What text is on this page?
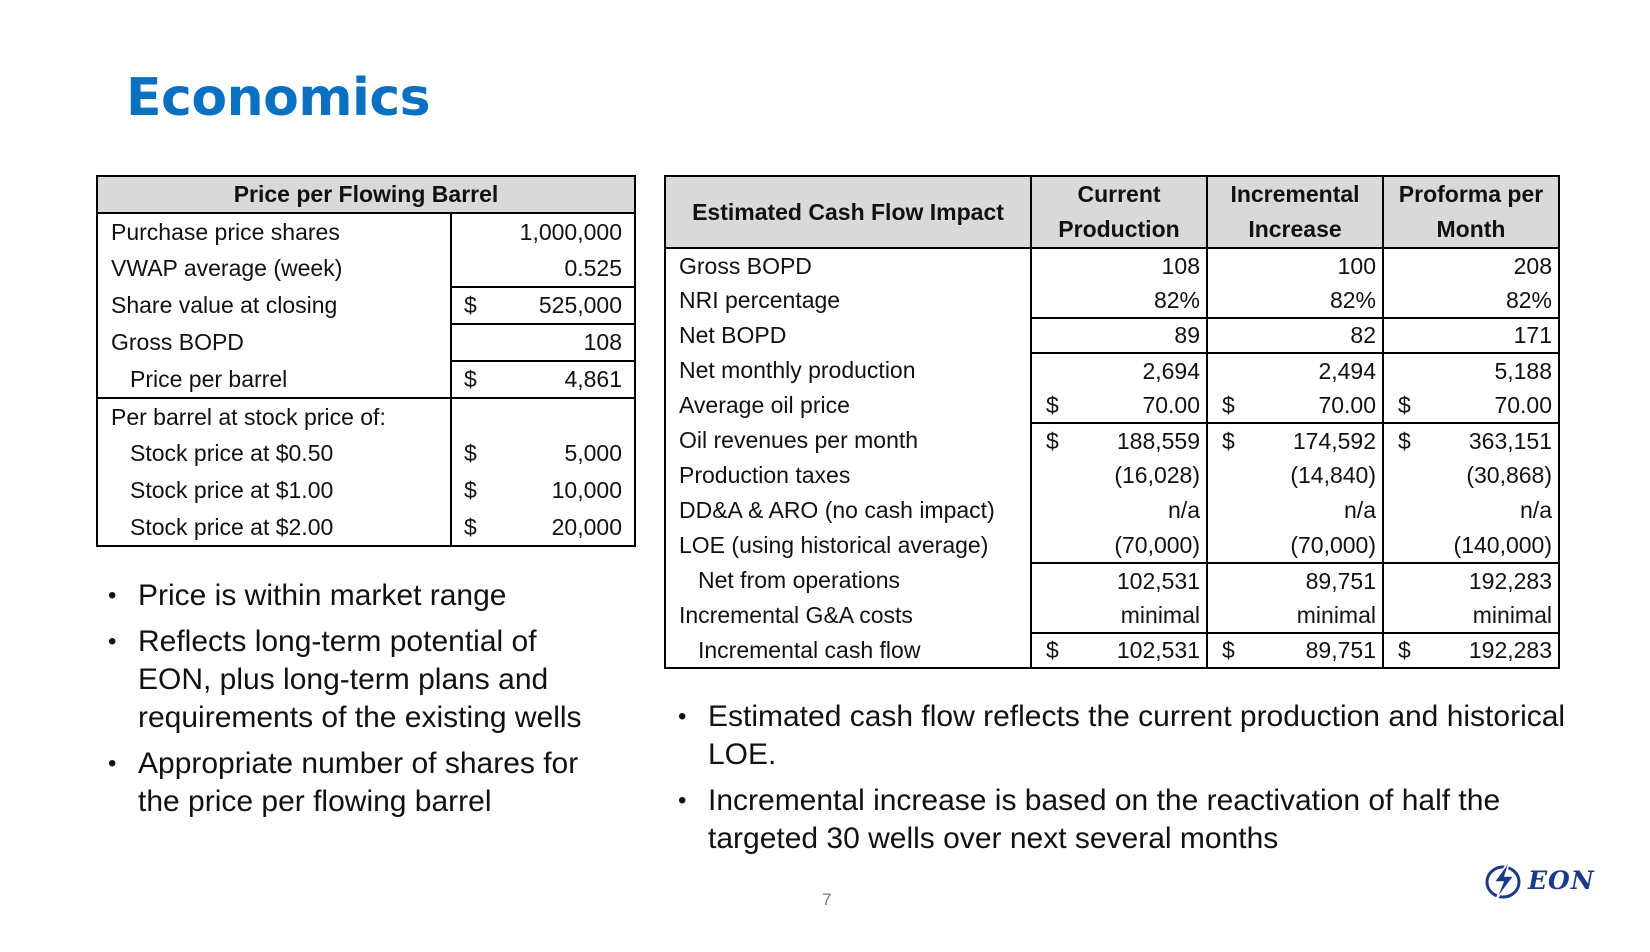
Economics
Price per Flowing Barrel	
Purchase price shares	1,000,000

VWAP average (week)	0.525

Share value at closing	$ 525,000

Gross BOPD	108

Price per barrel	$ 4,861

Per barrel at stock price of:	

Stock price at $0.50	$ 5,000

Stock price at $1.00	$ 10,000

Stock price at $2.00	$ 20,000
Estimated Cash Flow Impact	Current Production	Incremental Increase	Proforma per Month
Gross BOPD	108	100	208

NRI percentage	82%	82%	82%

Net BOPD	89	82	171

Net monthly production	2,694	2,494	5,188

Average oil price	$ 70.00	$ 70.00	$ 70.00

Oil revenues per month	$ 188,559	$ 174,592	$ 363,151

Production taxes	(16,028)	(14,840)	(30,868)

DD&A & ARO (no cash impact)	n/a	n/a	n/a

LOE (using historical average)	(70,000)	(70,000)	(140,000)

Net from operations	102,531	89,751	192,283

Incremental G&A costs	minimal	minimal	minimal

Incremental cash flow	$ 102,531	$ 89,751	$ 192,283
• Price is within market range
• Reflects long-term potential of EON, plus long-term plans and requirements of the existing wells
• Appropriate number of shares for the price per flowing barrel
• Estimated cash flow reflects the current production and historical LOE.
• Incremental increase is based on the reactivation of half the targeted 30 wells over next several months
7
EON
